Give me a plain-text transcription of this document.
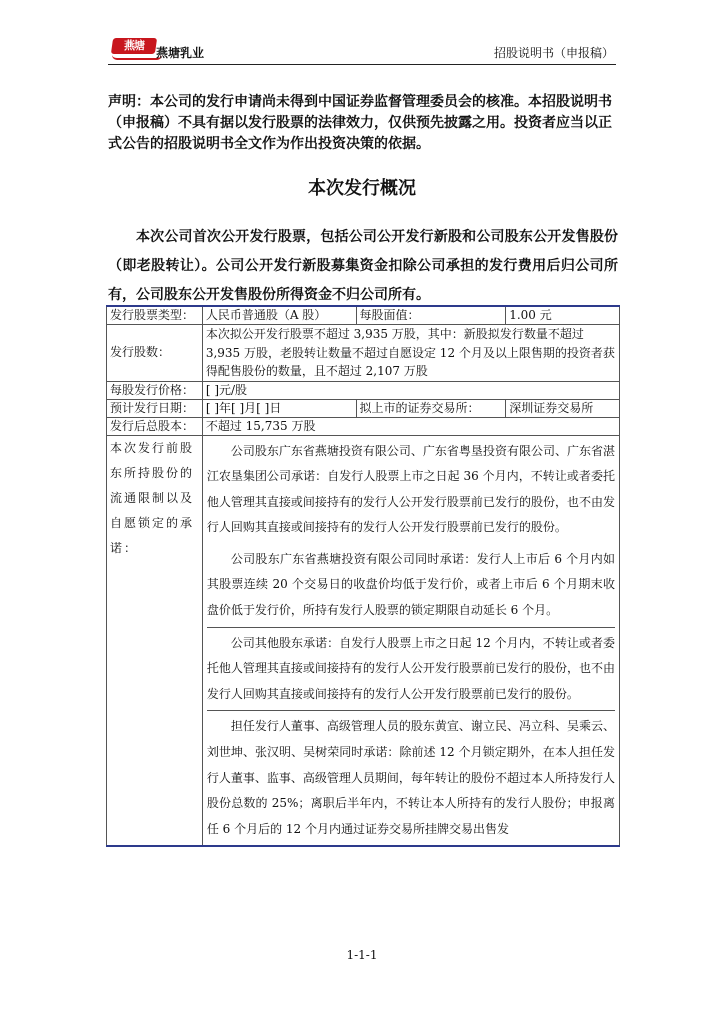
燕塘
燕塘乳业	招股说明书（申报稿）
声明：本公司的发行申请尚未得到中国证券监督管理委员会的核准。本招股说明书（申报稿）不具有据以发行股票的法律效力，仅供预先披露之用。投资者应当以正式公告的招股说明书全文作为作出投资决策的依据。
本次发行概况
本次公司首次公开发行股票，包括公司公开发行新股和公司股东公开发售股份（即老股转让）。公司公开发行新股募集资金扣除公司承担的发行费用后归公司所有，公司股东公开发售股份所得资金不归公司所有。
发行股票类型：	人民币普通股（A 股）	每股面值：	1.00 元
发行股数：	本次拟公开发行股票不超过 3,935 万股，其中：新股拟发行数量不超过3,935 万股，老股转让数量不超过自愿设定 12 个月及以上限售期的投资者获得配售股份的数量，且不超过 2,107 万股		
每股发行价格：	[ ]元/股		
预计发行日期：	[ ]年[ ]月[ ]日	拟上市的证券交易所：	深圳证券交易所
发行后总股本：	不超过 15,735 万股		
本次发行前股东所持股份的流通限制以及自愿锁定的承诺：	公司股东广东省燕塘投资有限公司、广东省粤垦投资有限公司、广东省湛江农垦集团公司承诺：自发行人股票上市之日起 36 个月内，不转让或者委托他人管理其直接或间接持有的发行人公开发行股票前已发行的股份，也不由发行人回购其直接或间接持有的发行人公开发行股票前已发行的股份。
公司股东广东省燕塘投资有限公司同时承诺：发行人上市后 6 个月内如其股票连续 20 个交易日的收盘价均低于发行价，或者上市后 6 个月期末收盘价低于发行价，所持有发行人股票的锁定期限自动延长 6 个月。
公司其他股东承诺：自发行人股票上市之日起 12 个月内，不转让或者委托他人管理其直接或间接持有的发行人公开发行股票前已发行的股份，也不由发行人回购其直接或间接持有的发行人公开发行股票前已发行的股份。
担任发行人董事、高级管理人员的股东黄宣、谢立民、冯立科、吴乘云、刘世坤、张汉明、吴树荣同时承诺：除前述 12 个月锁定期外，在本人担任发行人董事、监事、高级管理人员期间，每年转让的股份不超过本人所持发行人股份总数的 25%；离职后半年内，不转让本人所持有的发行人股份；申报离任 6 个月后的 12 个月内通过证券交易所挂牌交易出售发		
1-1-1
